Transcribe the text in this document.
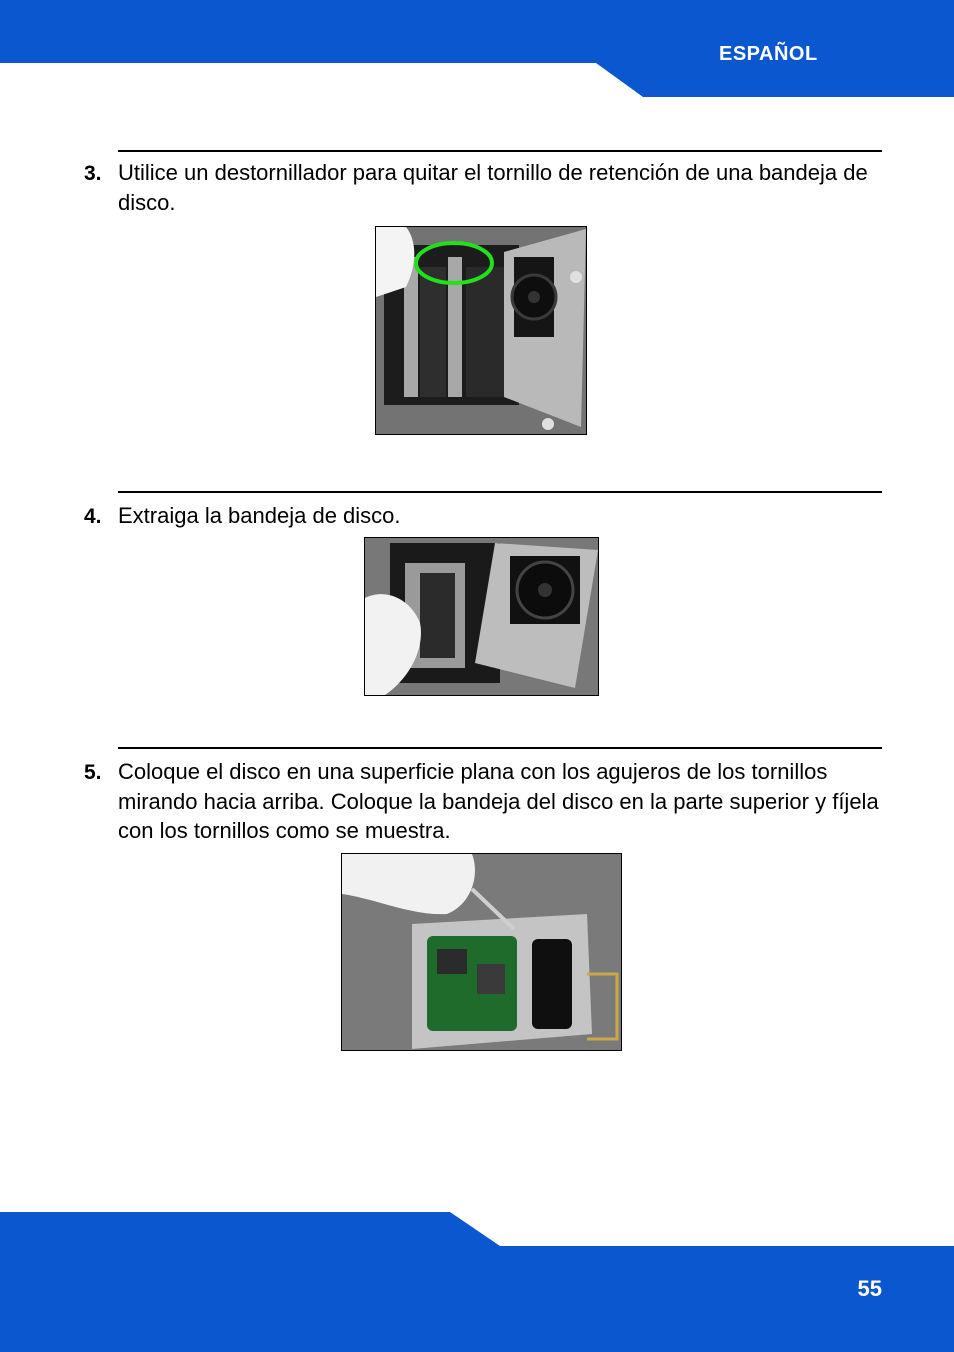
ESPAÑOL
3. Utilice un destornillador para quitar el tornillo de retención de una bandeja de disco.
4. Extraiga la bandeja de disco.
5. Coloque el disco en una superficie plana con los agujeros de los tornillos mirando hacia arriba. Coloque la bandeja del disco en la parte superior y fíjela con los tornillos como se muestra.
55
